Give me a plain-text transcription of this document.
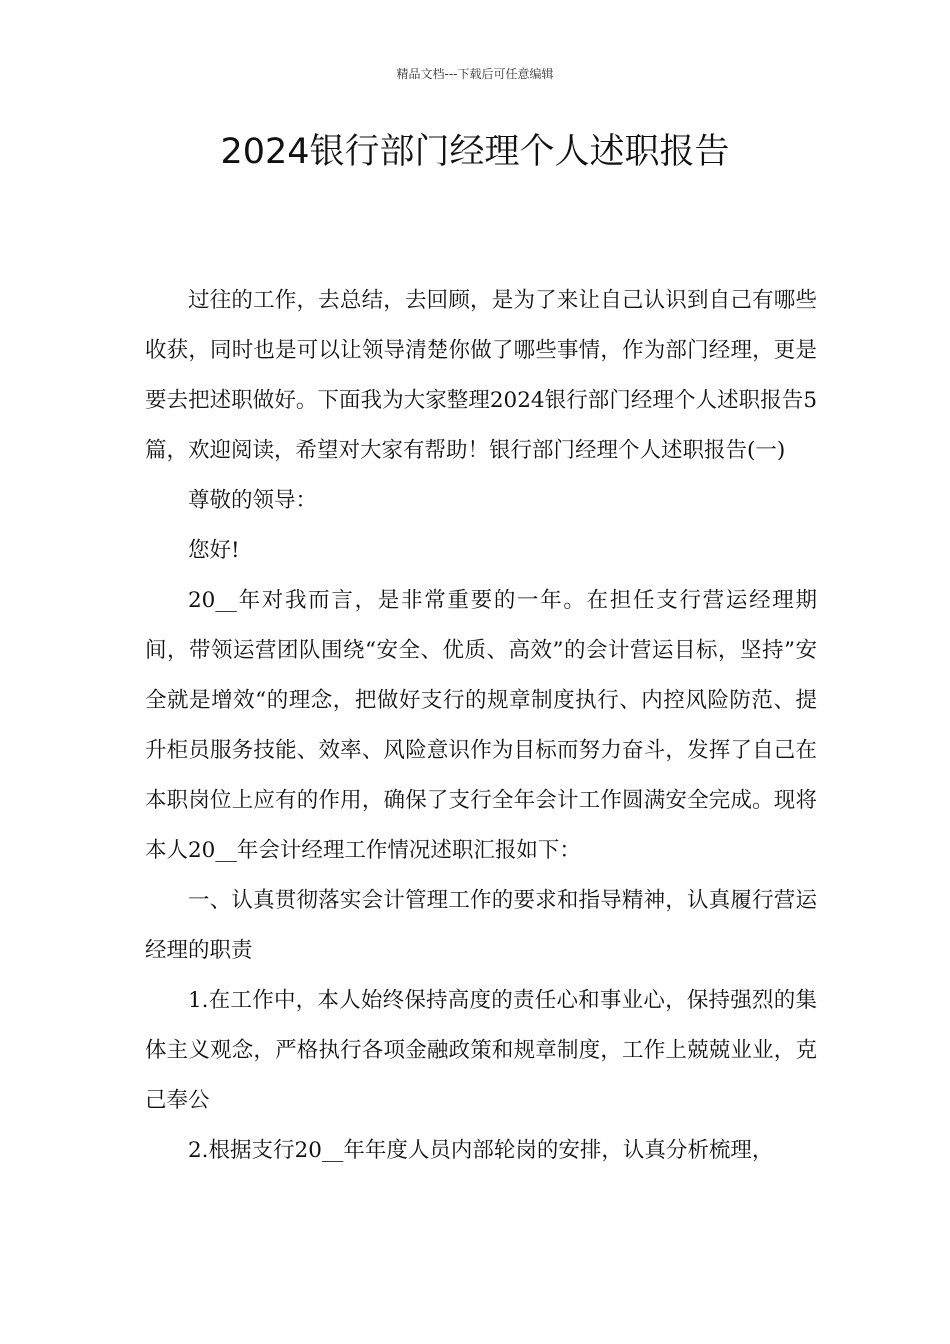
精品文档---下载后可任意编辑
2024银行部门经理个人述职报告

过往的工作，去总结，去回顾，是为了来让自己认识到自己有哪些收获，同时也是可以让领导清楚你做了哪些事情，作为部门经理，更是要去把述职做好。下面我为大家整理2024银行部门经理个人述职报告5篇，欢迎阅读，希望对大家有帮助！银行部门经理个人述职报告(一)

尊敬的领导：

您好!

20__年对我而言，是非常重要的一年。在担任支行营运经理期间，带领运营团队围绕“安全、优质、高效”的会计营运目标，坚持”安全就是增效“的理念，把做好支行的规章制度执行、内控风险防范、提升柜员服务技能、效率、风险意识作为目标而努力奋斗，发挥了自己在本职岗位上应有的作用，确保了支行全年会计工作圆满安全完成。现将本人20__年会计经理工作情况述职汇报如下：

一、认真贯彻落实会计管理工作的要求和指导精神，认真履行营运经理的职责

1.在工作中，本人始终保持高度的责任心和事业心，保持强烈的集体主义观念，严格执行各项金融政策和规章制度，工作上兢兢业业，克己奉公

2.根据支行20__年年度人员内部轮岗的安排，认真分析梳理，
